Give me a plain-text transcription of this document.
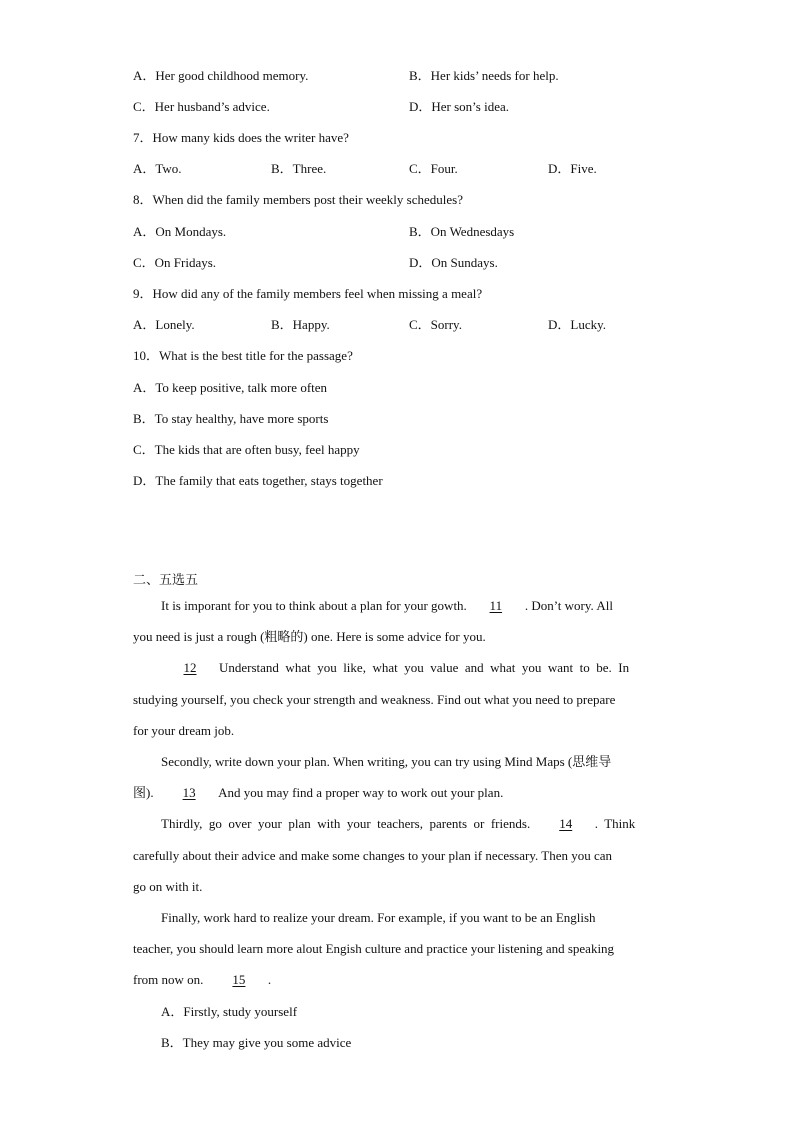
A．Her good childhood memory.	B．Her kids’ needs for help.
C．Her husband’s advice.	D．Her son’s idea.
7．How many kids does the writer have?
A．Two.	B．Three.	C．Four.	D．Five.
8．When did the family members post their weekly schedules?
A．On Mondays.	B．On Wednesdays
C．On Fridays.	D．On Sundays.
9．How did any of the family members feel when missing a meal?
A．Lonely.	B．Happy.	C．Sorry.	D．Lucky.
10．What is the best title for the passage?
A．To keep positive, talk more often
B．To stay healthy, have more sports
C．The kids that are often busy, feel happy
D．The family that eats together, stays together
二、五选五
It is imporant for you to think about a plan for your gowth. 11 . Don’t wory. All
you need is just a rough (粗略的) one. Here is some advice for you.
12 Understand  what  you  like,  what  you  value  and  what  you  want  to  be.  In
studying yourself, you check your strength and weakness. Find out what you need to prepare
for your dream job.
Secondly, write down your plan. When writing, you can try using Mind Maps (思维导
图). 13 And you may find a proper way to work out your plan.
Thirdly,  go  over  your  plan  with  your  teachers,  parents  or  friends. 14 .  Think
carefully about their advice and make some changes to your plan if necessary. Then you can
go on with it.
Finally, work hard to realize your dream. For example, if you want to be an English
teacher, you should learn more alout Engish culture and practice your listening and speaking
from now on. 15 .
A．Firstly, study yourself
B．They may give you some advice
